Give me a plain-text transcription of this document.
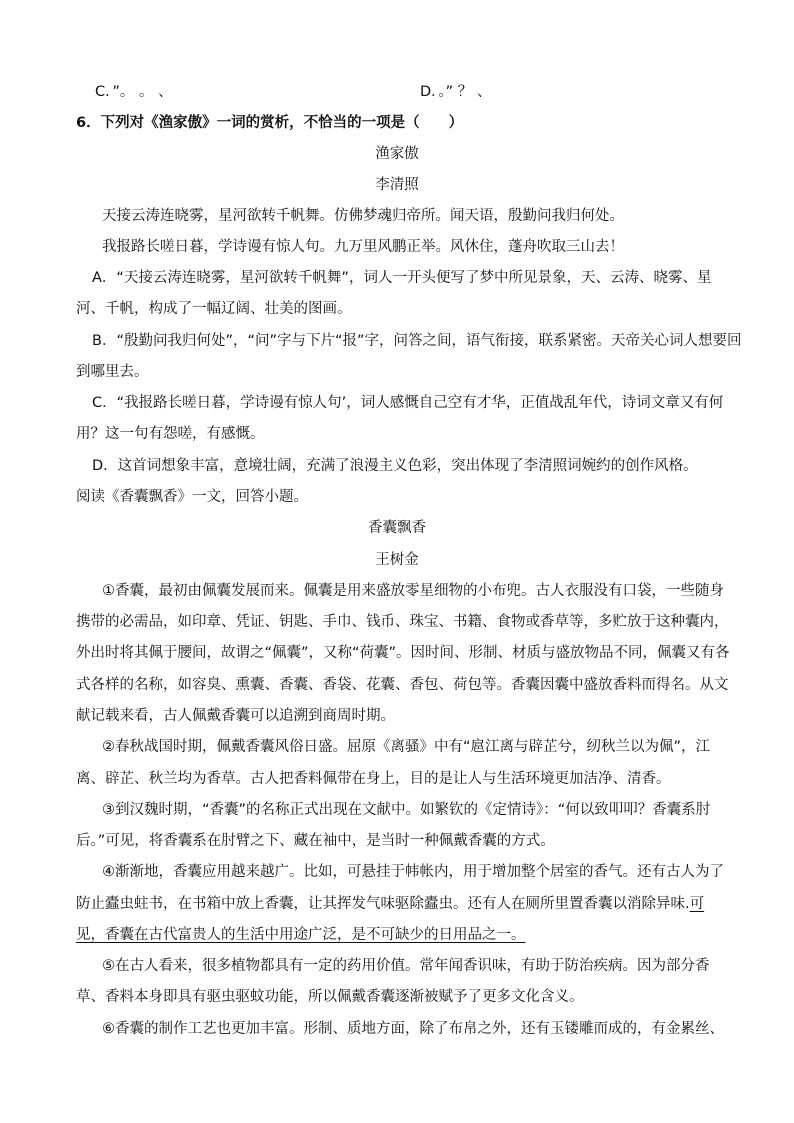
C．”。 。 、	D．。” ？ 、
6．下列对《渔家傲》一词的赏析，不恰当的一项是（　　）
渔家傲
李清照
天接云涛连晓雾，星河欲转千帆舞。仿佛梦魂归帝所。闻天语，殷勤问我归何处。
我报路长嗟日暮，学诗谩有惊人句。九万里风鹏正举。风休住，蓬舟吹取三山去！
A．“天接云涛连晓雾，星河欲转千帆舞”，词人一开头便写了梦中所见景象，天、云涛、晓雾、星
河、千帆，构成了一幅辽阔、壮美的图画。
B．“殷勤问我归何处”，“问”字与下片“报”字，问答之间，语气衔接，联系紧密。天帝关心词人想要回
到哪里去。
C．“我报路长嗟日暮，学诗谩有惊人句’，词人感慨自己空有才华，正值战乱年代，诗词文章又有何
用？这一句有怨嗟，有感慨。
D．这首词想象丰富，意境壮阔，充满了浪漫主义色彩，突出体现了李清照词婉约的创作风格。
阅读《香囊飘香》一文，回答小题。
香囊飘香
王树金
①香囊，最初由佩囊发展而来。佩囊是用来盛放零星细物的小布兜。古人衣服没有口袋，一些随身
携带的必需品，如印章、凭证、钥匙、手巾、钱币、珠宝、书籍、食物或香草等，多贮放于这种囊内，
外出时将其佩于腰间，故谓之“佩囊”，又称“荷囊”。因时间、形制、材质与盛放物品不同，佩囊又有各
式各样的名称，如容臭、熏囊、香囊、香袋、花囊、香包、荷包等。香囊因囊中盛放香料而得名。从文
献记载来看，古人佩戴香囊可以追溯到商周时期。
②春秋战国时期，佩戴香囊风俗日盛。屈原《离骚》中有“扈江离与辟芷兮，纫秋兰以为佩”，江
离、辟芷、秋兰均为香草。古人把香料佩带在身上，目的是让人与生活环境更加洁净、清香。
③到汉魏时期，“香囊”的名称正式出现在文献中。如繁钦的《定情诗》：“何以致叩叩？香囊系肘
后。”可见，将香囊系在肘臂之下、藏在袖中，是当时一种佩戴香囊的方式。
④渐渐地，香囊应用越来越广。比如，可悬挂于帏帐内，用于增加整个居室的香气。还有古人为了
防止蠹虫蛀书，在书箱中放上香囊，让其挥发气味驱除蠹虫。还有人在厕所里置香囊以消除异味.可
见，香囊在古代富贵人的生活中用途广泛，是不可缺少的日用品之一。
⑤在古人看来，很多植物都具有一定的药用价值。常年闻香识味，有助于防治疾病。因为部分香
草、香料本身即具有驱虫驱蚊功能，所以佩戴香囊逐渐被赋予了更多文化含义。
⑥香囊的制作工艺也更加丰富。形制、质地方面，除了布帛之外，还有玉镂雕而成的，有金累丝、
